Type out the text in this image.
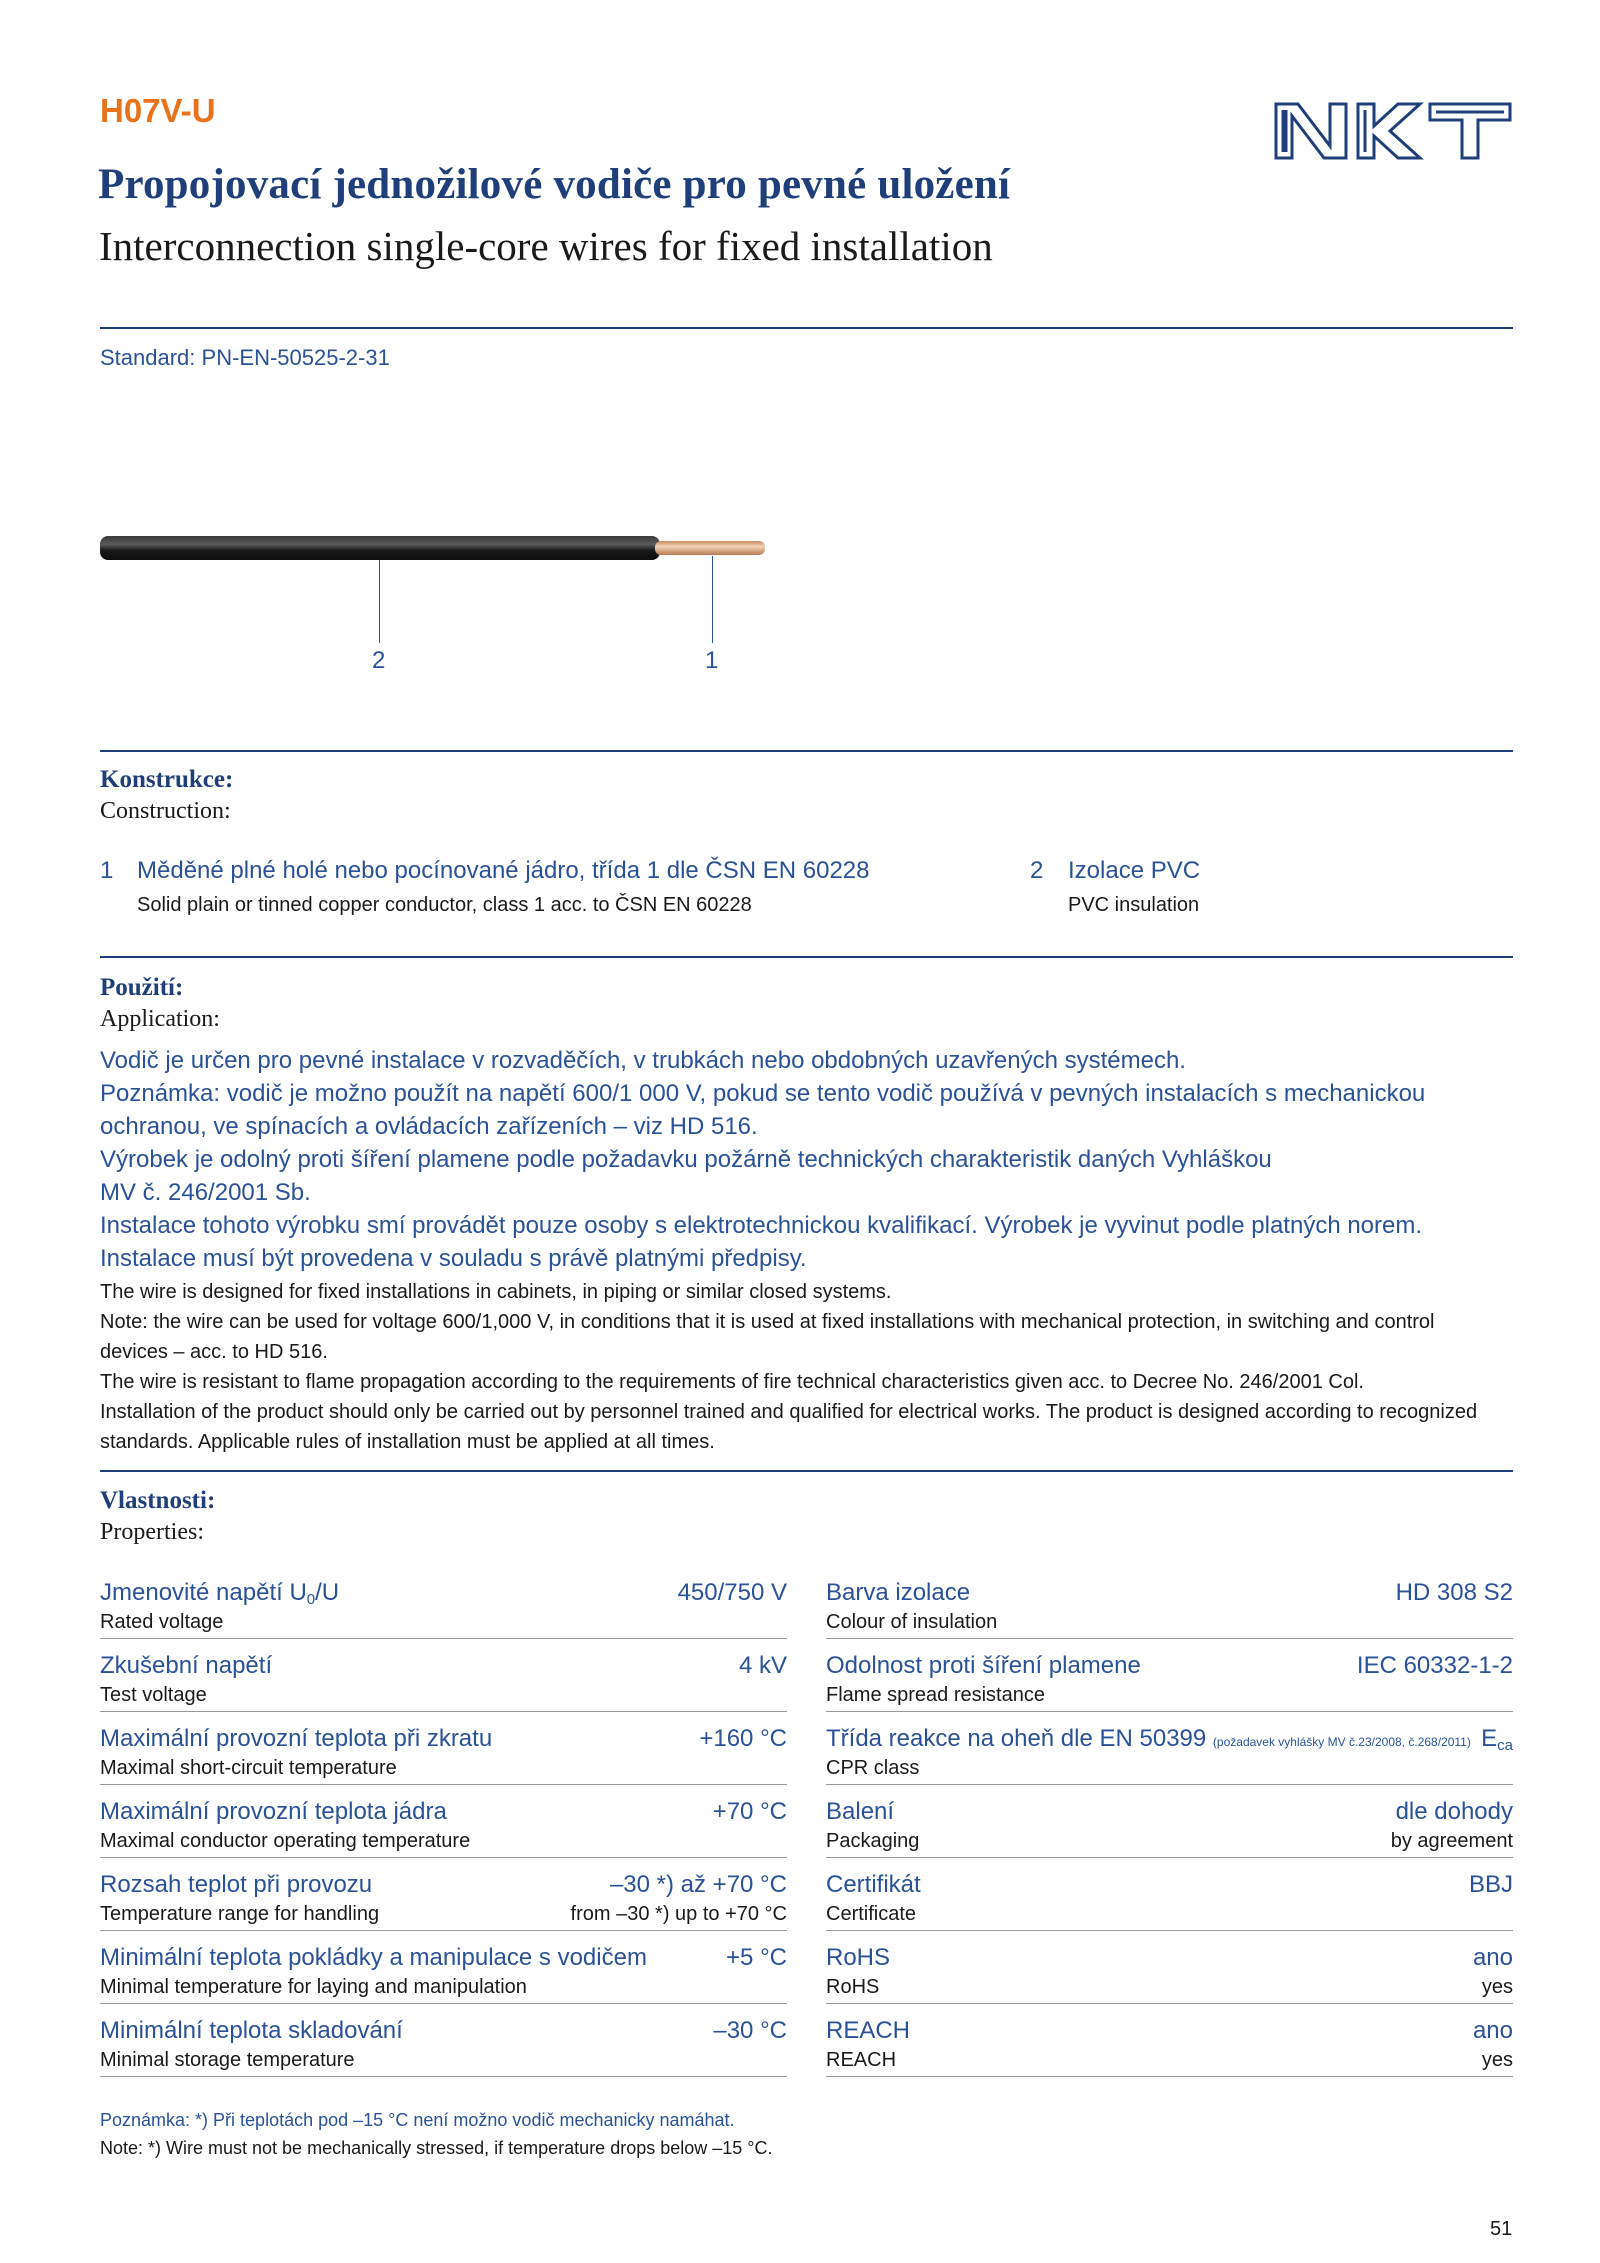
H07V-U
Propojovací jednožilové vodiče pro pevné uložení
Interconnection single-core wires for fixed installation
Standard: PN-EN-50525-2-31
2	1
Konstrukce:
Construction:
1 Měděné plné holé nebo pocínované jádro, třída 1 dle ČSN EN 60228
Solid plain or tinned copper conductor, class 1 acc. to ČSN EN 60228
2 Izolace PVC
PVC insulation
Použití:
Application:

Vodič je určen pro pevné instalace v rozvaděčích, v trubkách nebo obdobných uzavřených systémech.

Poznámka: vodič je možno použít na napětí 600/1 000 V, pokud se tento vodič používá v pevných instalacích s mechanickou ochranou, ve spínacích a ovládacích zařízeních – viz HD 516.

Výrobek je odolný proti šíření plamene podle požadavku požárně technických charakteristik daných Vyhláškou

MV č. 246/2001 Sb.

Instalace tohoto výrobku smí provádět pouze osoby s elektrotechnickou kvalifikací. Výrobek je vyvinut podle platných norem.

Instalace musí být provedena v souladu s právě platnými předpisy.

The wire is designed for fixed installations in cabinets, in piping or similar closed systems.

Note: the wire can be used for voltage 600/1,000 V, in conditions that it is used at fixed installations with mechanical protection, in switching and control devices – acc. to HD 516.

The wire is resistant to flame propagation according to the requirements of fire technical characteristics given acc. to Decree No. 246/2001 Col.

Installation of the product should only be carried out by personnel trained and qualified for electrical works. The product is designed according to recognized standards. Applicable rules of installation must be applied at all times.

Vlastnosti:
Properties:
Jmenovité napětí $U_0/U$
Rated voltage
450/750 V
Zkušební napětí
Test voltage
4 kV
Maximální provozní teplota při zkratu
Maximal short-circuit temperature
+160 °C
Maximální provozní teplota jádra
Maximal conductor operating temperature
+70 °C
Rozsah teplot při provozu
Temperature range for handling
–30 *) až +70 °C
from –30 *) up to +70 °C
Minimální teplota pokládky a manipulace s vodičem
Minimal temperature for laying and manipulation
+5 °C
Minimální teplota skladování
Minimal storage temperature
–30 °C
Barva izolace
Colour of insulation
HD 308 S2
Odolnost proti šíření plamene
Flame spread resistance
IEC 60332-1-2
Třída reakce na oheň dle EN 50399 (požadavek vyhlášky MV č.23/2008, č.268/2011)
CPR class
$E_{ca}$
Balení
Packaging
dle dohody
by agreement
Certifikát
Certificate
BBJ
RoHS
RoHS
ano
yes
REACH
REACH
ano
yes
Poznámka: *) Při teplotách pod –15 °C není možno vodič mechanicky namáhat.
Note: *) Wire must not be mechanically stressed, if temperature drops below –15 °C.
51
